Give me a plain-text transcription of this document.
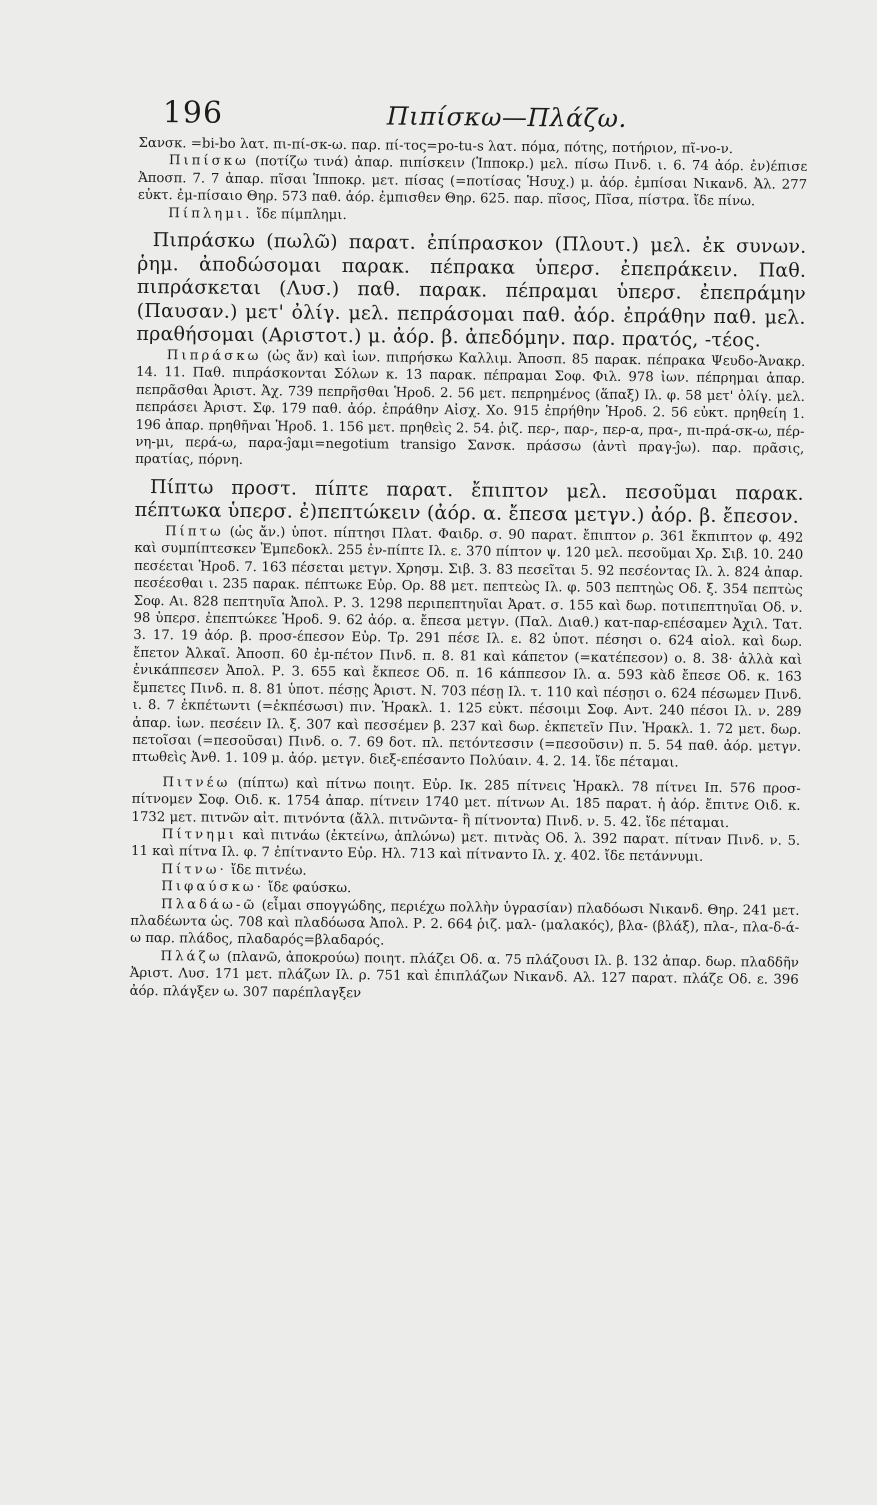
196	Πιπίσκω—Πλάζω.

Σανσκ. =bi-bo λατ. πι-πί-σκ-ω. παρ. πί-τος=po-tu-s λατ. πόμα, πότης, ποτήριον, πῖ-νο-ν.

Πιπίσκω (ποτίζω τινά) ἀπαρ. πιπίσκειν (Ἱπποκρ.) μελ. πίσω Πινδ. ι. 6. 74 ἀόρ. ἐν)έπισε Ἀποσπ. 7. 7 ἀπαρ. πῖσαι Ἱπποκρ. μετ. πίσας (=ποτίσας Ἡσυχ.) μ. ἀόρ. ἐμπίσαι Νικανδ. Ἀλ. 277 εὐκτ. ἐμ-πίσαιο Θηρ. 573 παθ. ἀόρ. ἐμπισθεν Θηρ. 625. παρ. πῖσος, Πῖσα, πίστρα. ἴδε πίνω.

Πίπλημι. ἴδε πίμπλημι.

Πιπράσκω (πωλῶ) παρατ. ἐπίπρασκον (Πλουτ.) μελ. ἐκ συνων. ῥημ. ἀποδώσομαι παρακ. πέπρακα ὑπερσ. ἐπεπράκειν. Παθ. πιπράσκεται (Λυσ.) παθ. παρακ. πέπραμαι ὑπερσ. ἐπεπράμην (Παυσαν.) μετ' ὀλίγ. μελ. πεπράσομαι παθ. ἀόρ. ἐπράθην παθ. μελ. πραθήσομαι (Αριστοτ.) μ. ἀόρ. β. ἀπεδόμην. παρ. πρατός, -τέος.

Πιπράσκω (ὡς ἄν) καὶ ἰων. πιπρήσκω Καλλιμ. Ἀποσπ. 85 παρακ. πέπρακα Ψευδο-Ἀνακρ. 14. 11. Παθ. πιπράσκονται Σόλων κ. 13 παρακ. πέπραμαι Σοφ. Φιλ. 978 ἰων. πέπρημαι ἀπαρ. πεπρᾶσθαι Ἀριστ. Ἀχ. 739 πεπρῆσθαι Ἡροδ. 2. 56 μετ. πεπρημένος (ἅπαξ) Ιλ. φ. 58 μετ' ὀλίγ. μελ. πεπράσει Ἀριστ. Σφ. 179 παθ. ἀόρ. ἐπράθην Αἰσχ. Χο. 915 ἐπρήθην Ἡροδ. 2. 56 εὐκτ. πρηθείη 1. 196 ἀπαρ. πρηθῆναι Ἡροδ. 1. 156 μετ. πρηθεὶς 2. 54. ῥιζ. περ-, παρ-, περ-α, πρα-, πι-πρά-σκ-ω, πέρ-νη-μι, περά-ω, παρα-ĵαμι=negotium transigo Σανσκ. πράσσω (ἀντὶ πραγ-ĵω). παρ. πρᾶσις, πρατίας, πόρνη.

Πίπτω προστ. πίπτε παρατ. ἔπιπτον μελ. πεσοῦμαι παρακ. πέπτωκα ὑπερσ. ἐ)πεπτώκειν (ἀόρ. α. ἔπεσα μετγν.) ἀόρ. β. ἔπεσον.

Πίπτω (ὡς ἄν.) ὑποτ. πίπτησι Πλατ. Φαιδρ. σ. 90 παρατ. ἔπιπτον ρ. 361 ἔκπιπτον φ. 492 καὶ συμπίπτεσκεν Ἐμπεδοκλ. 255 ἐν-πίπτε Ιλ. ε. 370 πίπτον ψ. 120 μελ. πεσοῦμαι Χρ. Σιβ. 10. 240 πεσέεται Ἡροδ. 7. 163 πέσεται μετγν. Χρησμ. Σιβ. 3. 83 πεσεῖται 5. 92 πεσέοντας Ιλ. λ. 824 ἀπαρ. πεσέεσθαι ι. 235 παρακ. πέπτωκε Εὐρ. Ορ. 88 μετ. πεπτεὼς Ιλ. φ. 503 πεπτηὼς Οδ. ξ. 354 πεπτὼς Σοφ. Αι. 828 πεπτηυῖα Ἀπολ. Ρ. 3. 1298 περιπεπτηυῖαι Ἀρατ. σ. 155 καὶ δωρ. ποτιπεπτηυῖαι Οδ. ν. 98 ὑπερσ. ἐπεπτώκεε Ἡροδ. 9. 62 ἀόρ. α. ἔπεσα μετγν. (Παλ. Διαθ.) κατ-παρ-επέσαμεν Ἀχιλ. Τατ. 3. 17. 19 ἀόρ. β. προσ-έπεσον Εὐρ. Τρ. 291 πέσε Ιλ. ε. 82 ὑποτ. πέσησι ο. 624 αἰολ. καὶ δωρ. ἔπετον Ἀλκαῖ. Ἀποσπ. 60 ἐμ-πέτον Πινδ. π. 8. 81 καὶ κάπετον (=κατέπεσον) ο. 8. 38· ἀλλὰ καὶ ἐνικάππεσεν Ἀπολ. Ρ. 3. 655 καὶ ἔκπεσε Οδ. π. 16 κάππεσον Ιλ. α. 593 κὰδ ἔπεσε Οδ. κ. 163 ἔμπετες Πινδ. π. 8. 81 ὑποτ. πέσῃς Ἀριστ. Ν. 703 πέσῃ Ιλ. τ. 110 καὶ πέσῃσι ο. 624 πέσωμεν Πινδ. ι. 8. 7 ἐκπέτωντι (=ἐκπέσωσι) πιν. Ἡρακλ. 1. 125 εὐκτ. πέσοιμι Σοφ. Αντ. 240 πέσοι Ιλ. ν. 289 ἀπαρ. ἰων. πεσέειν Ιλ. ξ. 307 καὶ πεσσέμεν β. 237 καὶ δωρ. ἐκπετεῖν Πιν. Ἡρακλ. 1. 72 μετ. δωρ. πετοῖσαι (=πεσοῦσαι) Πινδ. ο. 7. 69 δοτ. πλ. πετόντεσσιν (=πεσοῦσιν) π. 5. 54 παθ. ἀόρ. μετγν. πτωθεὶς Ἀνθ. 1. 109 μ. ἀόρ. μετγν. διεξ-επέσαντο Πολύαιν. 4. 2. 14. ἴδε πέταμαι.

Πιτνέω (πίπτω) καὶ πίτνω ποιητ. Εὐρ. Ικ. 285 πίτνεις Ἡρακλ. 78 πίτνει Ιπ. 576 προσ-πίτνομεν Σοφ. Οιδ. κ. 1754 ἀπαρ. πίτνειν 1740 μετ. πίτνων Αι. 185 παρατ. ἡ ἀόρ. ἔπιτνε Οιδ. κ. 1732 μετ. πιτνῶν αἰτ. πιτνόντα (ἄλλ. πιτνῶντα- ἢ πίτνοντα) Πινδ. ν. 5. 42. ἴδε πέταμαι.

Πίτνημι καὶ πιτνάω (ἐκτείνω, ἁπλώνω) μετ. πιτνὰς Οδ. λ. 392 παρατ. πίτναν Πινδ. ν. 5. 11 καὶ πίτνα Ιλ. φ. 7 ἐπίτναντο Εὐρ. Ηλ. 713 καὶ πίτναντο Ιλ. χ. 402. ἴδε πετάννυμι.

Πίτνω· ἴδε πιτνέω.

Πιφαύσκω· ἴδε φαύσκω.

Πλαδάω-ῶ (εἶμαι σπογγώδης, περιέχω πολλὴν ὑγρασίαν) πλαδόωσι Νικανδ. Θηρ. 241 μετ. πλαδέωντα ὡς. 708 καὶ πλαδόωσα Ἀπολ. Ρ. 2. 664 ῥιζ. μαλ- (μαλακός), βλα- (βλάξ), πλα-, πλα-δ-ά-ω παρ. πλάδος, πλαδαρός=βλαδαρός.

Πλάζω (πλανῶ, ἀποκρούω) ποιητ. πλάζει Οδ. α. 75 πλάζουσι Ιλ. β. 132 ἀπαρ. δωρ. πλαδδῆν Ἀριστ. Λυσ. 171 μετ. πλάζων Ιλ. ρ. 751 καὶ ἐπιπλάζων Νικανδ. Αλ. 127 παρατ. πλάζε Οδ. ε. 396 ἀόρ. πλάγξεν ω. 307 παρέπλαγξεν
